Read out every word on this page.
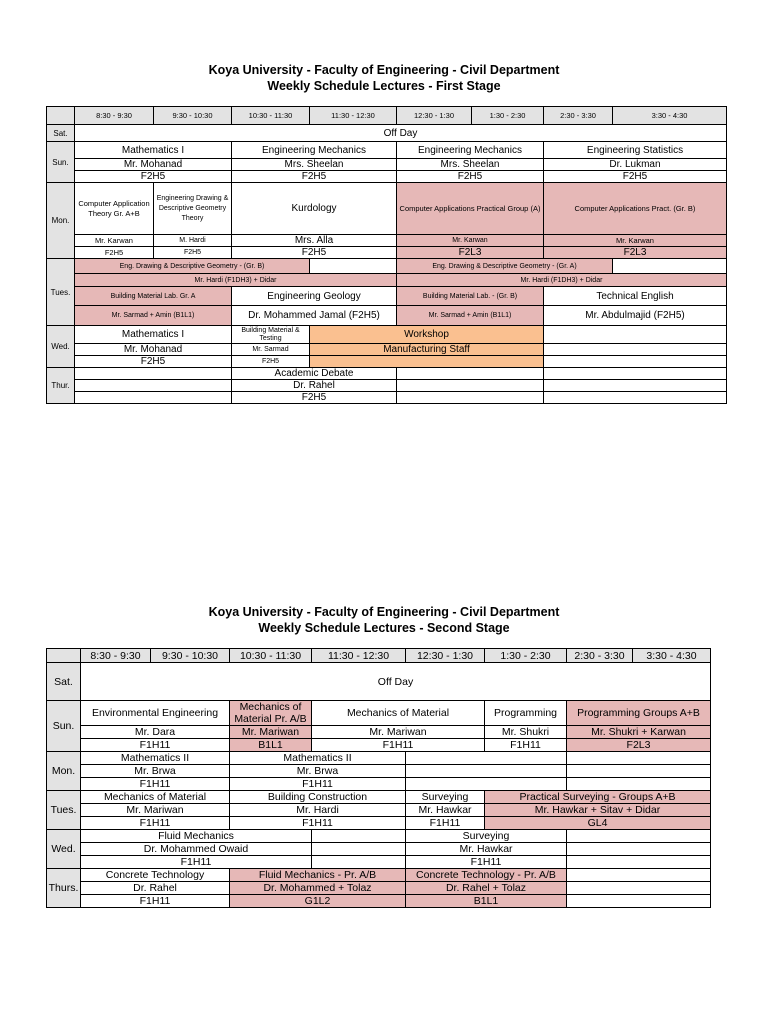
Koya University - Faculty of Engineering - Civil Department
Weekly Schedule Lectures - First Stage
	8:30 - 9:30	9:30 - 10:30	10:30 - 11:30	11:30 - 12:30	12:30 - 1:30	1:30 - 2:30	2:30 - 3:30	3:30 - 4:30
Sat.	Off Day							
Sun.	Mathematics I		Engineering Mechanics		Engineering Mechanics		Engineering Statistics	
	Mr. Mohanad		Mrs. Sheelan		Mrs. Sheelan		Dr. Lukman	
	F2H5		F2H5		F2H5		F2H5	
Mon.	Computer Application Theory Gr. A+B	Engineering Drawing & Descriptive Geometry Theory	Kurdology		Computer Applications Practical Group (A)		Computer Applications Pract. (Gr. B)	
	Mr. Karwan	M. Hardi	Mrs. Alla		Mr. Karwan		Mr. Karwan	
	F2H5	F2H5	F2H5		F2L3		F2L3	
Tues.	Eng. Drawing & Descriptive Geometry - (Gr. B)				Eng. Drawing & Descriptive Geometry - (Gr. A)			
	Mr. Hardi (F1DH3) + Didar				Mr. Hardi (F1DH3) + Didar			
	Building Material Lab. Gr. A		Engineering Geology		Building Material Lab. - (Gr. B)		Technical English	
	Mr. Sarmad + Amin (B1L1)		Dr. Mohammed Jamal (F2H5)		Mr. Sarmad + Amin (B1L1)		Mr. Abdulmajid (F2H5)	
Wed.	Mathematics I		Building Material & Testing	Workshop				
	Mr. Mohanad		Mr. Sarmad	Manufacturing Staff				
	F2H5		F2H5					
Thur.			Academic Debate					
			Dr. Rahel					
			F2H5					
Koya University - Faculty of Engineering - Civil Department
Weekly Schedule Lectures - Second Stage
	8:30 - 9:30	9:30 - 10:30	10:30 - 11:30	11:30 - 12:30	12:30 - 1:30	1:30 - 2:30	2:30 - 3:30	3:30 - 4:30
Sat.	Off Day							
Sun.	Environmental Engineering		Mechanics of Material Pr. A/B	Mechanics of Material		Programming	Programming Groups A+B	
	Mr. Dara		Mr. Mariwan	Mr. Mariwan		Mr. Shukri	Mr. Shukri + Karwan	
	F1H11		B1L1	F1H11		F1H11	F2L3	
Mon.	Mathematics II		Mathematics II					
	Mr. Brwa		Mr. Brwa					
	F1H11		F1H11					
Tues.	Mechanics of Material		Building Construction		Surveying	Practical Surveying - Groups A+B		
	Mr. Mariwan		Mr. Hardi		Mr. Hawkar	Mr. Hawkar + Sitav + Didar		
	F1H11		F1H11		F1H11	GL4		
Wed.	Fluid Mechanics				Surveying			
	Dr. Mohammed Owaid				Mr. Hawkar			
	F1H11				F1H11			
Thurs.	Concrete Technology		Fluid Mechanics - Pr. A/B		Concrete Technology - Pr. A/B			
	Dr. Rahel		Dr. Mohammed + Tolaz		Dr. Rahel + Tolaz			
	F1H11		G1L2		B1L1			
